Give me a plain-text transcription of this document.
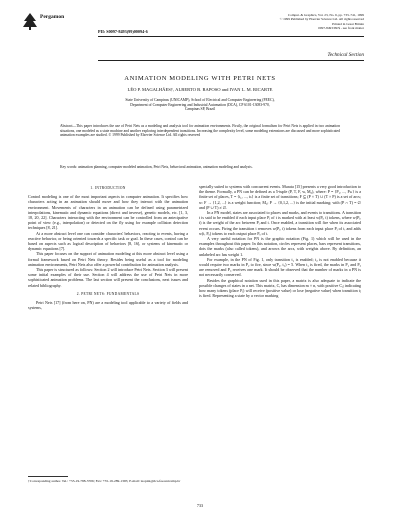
Pergamon	Comput. & Graphics, Vol. 23, No. 6, pp. 733–741, 1999
© 1999 Published by Elsevier Science Ltd. All rights reserved
Printed in Great Britain
0097-8493/99/$ - see front matter
PII: S0097-8493(99)00094-6
Technical Section
ANIMATION MODELING WITH PETRI NETS
LÉO P. MAGALHÃES†, ALBERTO B. RAPOSO and IVAN L. M. RICARTE
State University of Campinas (UNICAMP), School of Electrical and Computer Engineering (FEEC),
Department of Computer Engineering and Industrial Automation (DCA), CP 6101-13083-970,
Campinas SP, Brazil
Abstract—This paper introduces the use of Petri Nets as a modeling and analysis tool for animation environments. Firstly, the original formalism for Petri Nets is applied in two animation situations, one modeled as a state machine and another exploring interdependent transitions. Increasing the complexity level, some modeling extensions are discussed and more sophisticated animation examples are studied. © 1999 Published by Elsevier Science Ltd. All rights reserved
Key words: animation planning, computer modeled animation, Petri Nets, behavioral animation, animation modeling and analysis.
1. INTRODUCTION

Control modeling is one of the most important aspects in computer animation. It specifies how characters acting in an animation should move and how they interact with the animation environment. Movements of characters in an animation can be defined using parametrized interpolations, kinematic and dynamic equations (direct and inverse), genetic models, etc. [1, 3, 18, 20, 22]. Characters interacting with the environment can be controlled from an antecipative point of view (e.g., interpolation) or detected on the fly using for example collision detection techniques [8, 21].

At a more abstract level one can consider characters' behaviors, reacting to events, having a reactive behavior, or being oriented towards a specific task or goal. In these cases, control can be based on aspects such as logical description of behaviors [8, 16], or systems of kinematic or dynamic equations [7].

This paper focuses on the support of animation modeling at this more abstract level using a formal framework based on Petri Nets theory. Besides being useful as a tool for modeling animation environments, Petri Nets also offer a powerful contribution for animation analysis.

This paper is structured as follows: Section 2 will introduce Petri Nets. Section 3 will present some initial examples of their use. Section 4 will address the use of Petri Nets in more sophisticated animation problems. The last section will present the conclusions, next issues and related bibliography.

2. PETRI NETS: FUNDAMENTALS

Petri Nets [17] (from here on, PN) are a modeling tool applicable to a variety of fields and systems,

†Corresponding author. Tel.: +55-19-788-3706; Fax: +55-19-289-1395; E-mail: leopini@dca.fee.unicamp.br

specially suited to systems with concurrent events. Murata [15] presents a very good introduction to the theme. Formally, a PN can be defined as a 5-tuple (P, T, F, w, M₀), where: P = {P₁, ..., Pₘ} is a finite set of places, T = {t₁, ..., tₙ} is a finite set of transitions; F ⊆ (P × T) ∪ (T × P) is a set of arcs; w: F → {1,2, ...} is a weight function; M₀: P → {0,1,2, ...} is the initial marking; with (P ∩ T) = ∅ and (P ∪ T) ≠ ∅.

In a PN model, states are associated to places and marks, and events to transitions. A transition t is said to be enabled if each input place Pᵢ of t is marked with at least w(Pᵢ, t) tokens, where w(Pᵢ, t) is the weight of the arc between Pᵢ and t. Once enabled, a transition will fire when its associated event occurs. Firing the transition t removes w(Pᵢ, t) tokens from each input place Pᵢ of t, and adds w(t, Pₒ) tokens to each output place Pₒ of t.

A very useful notation for PN is the graphic notation (Fig. 1) which will be used in the examples throughout this paper. In this notation, circles represent places, bars represent transitions, dots the marks (also called tokens), and arrows the arcs, with weights above. By definition, an unlabeled arc has weight 1.

For example, in the PN of Fig. 1, only transition t₁ is enabled; t₂ is not enabled because it would require two marks in P₂ to fire, since w(P₂, t₂) = 5. When t₁ is fired, the marks in P₁ and P₂ are removed and P₃ receives one mark. It should be observed that the number of marks in a PN is not necessarily conserved.

Besides the graphical notation used in this paper, a matrix is also adequate to indicate the possible changes of states in a net. This matrix, C, has dimension m × n, with positive Cᵢⱼ indicating how many tokens (place Pᵢ) will receive (positive value) or lose (negative value) when transition tⱼ is fired. Representing a state by a vector marking

733
